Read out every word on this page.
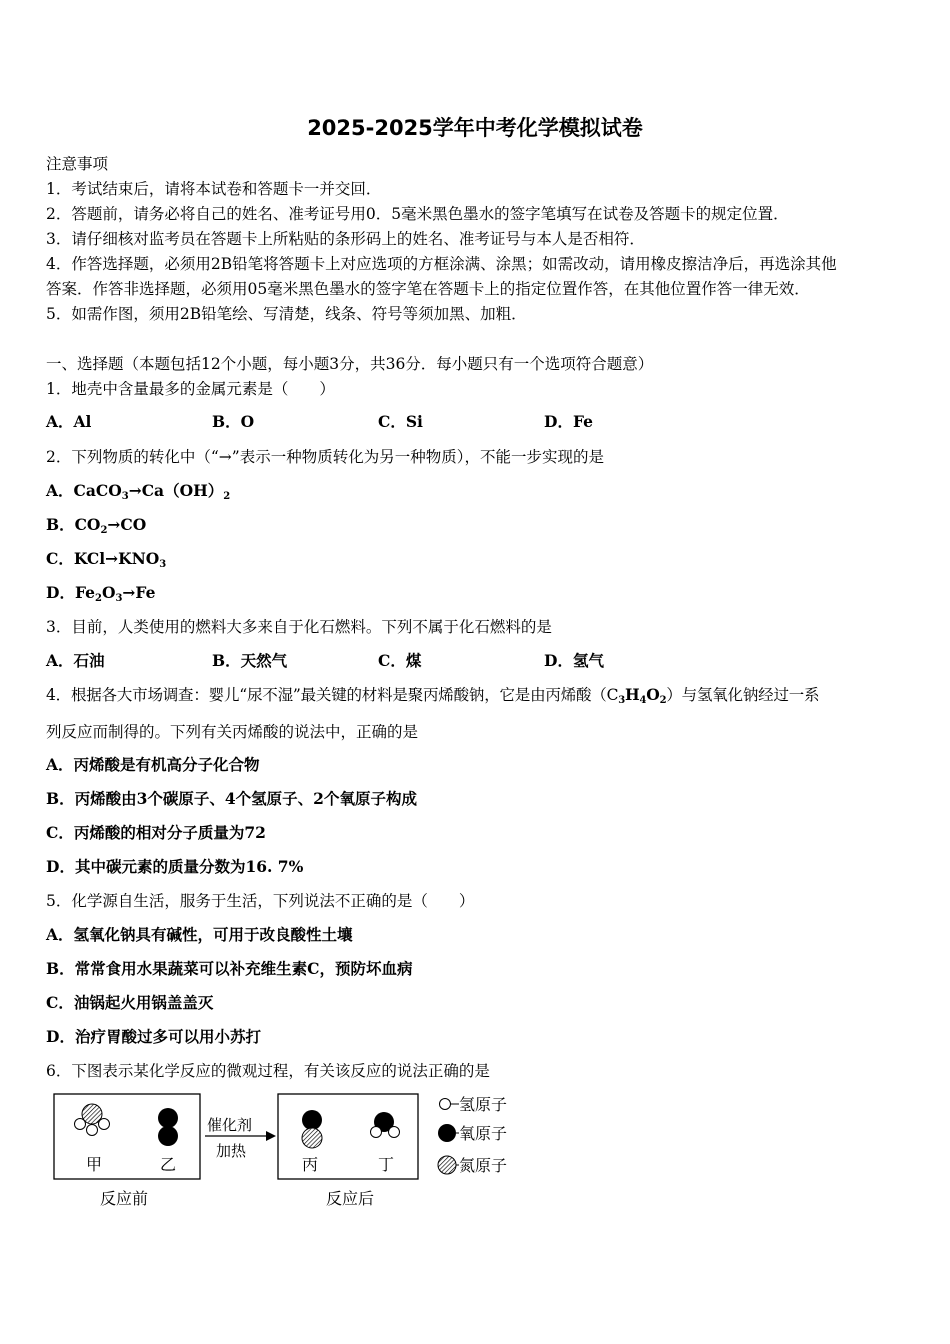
2025-2025学年中考化学模拟试卷
注意事项
1．考试结束后，请将本试卷和答题卡一并交回．
2．答题前，请务必将自己的姓名、准考证号用0．5毫米黑色墨水的签字笔填写在试卷及答题卡的规定位置．
3．请仔细核对监考员在答题卡上所粘贴的条形码上的姓名、准考证号与本人是否相符．
4．作答选择题，必须用2B铅笔将答题卡上对应选项的方框涂满、涂黑；如需改动，请用橡皮擦洁净后，再选涂其他
答案．作答非选择题，必须用05毫米黑色墨水的签字笔在答题卡上的指定位置作答，在其他位置作答一律无效．
5．如需作图，须用2B铅笔绘、写清楚，线条、符号等须加黑、加粗．
一、选择题（本题包括12个小题，每小题3分，共36分．每小题只有一个选项符合题意）
1．地壳中含量最多的金属元素是（　　）
A．Al	B．O	C．Si	D．Fe
2．下列物质的转化中（“→”表示一种物质转化为另一种物质），不能一步实现的是
A．$CaCO_3\to Ca(OH)_2$
B．$CO_2\to CO$
C．$KCl\to KNO_3$
D．$Fe_2O_3\to Fe$
3．目前，人类使用的燃料大多来自于化石燃料。下列不属于化石燃料的是
A．石油	B．天然气	C．煤	D．氢气
4．根据各大市场调查：婴儿“尿不湿”最关键的材料是聚丙烯酸钠，它是由丙烯酸$(C_3H_4O_2)$与氢氧化钠经过一系
列反应而制得的。下列有关丙烯酸的说法中，正确的是
A．丙烯酸是有机高分子化合物
B．丙烯酸由3个碳原子、4个氢原子、2个氧原子构成
C．丙烯酸的相对分子质量为72
D．其中碳元素的质量分数为16. 7%
5．化学源自生活，服务于生活，下列说法不正确的是（　　）
A．氢氧化钠具有碱性，可用于改良酸性土壤
B．常常食用水果蔬菜可以补充维生素C，预防坏血病
C．油锅起火用锅盖盖灭
D．治疗胃酸过多可以用小苏打
6．下图表示某化学反应的微观过程，有关该反应的说法正确的是
甲	乙
催化剂
加热
丙	丁
反应前	反应后
氢原子
氧原子
氮原子
